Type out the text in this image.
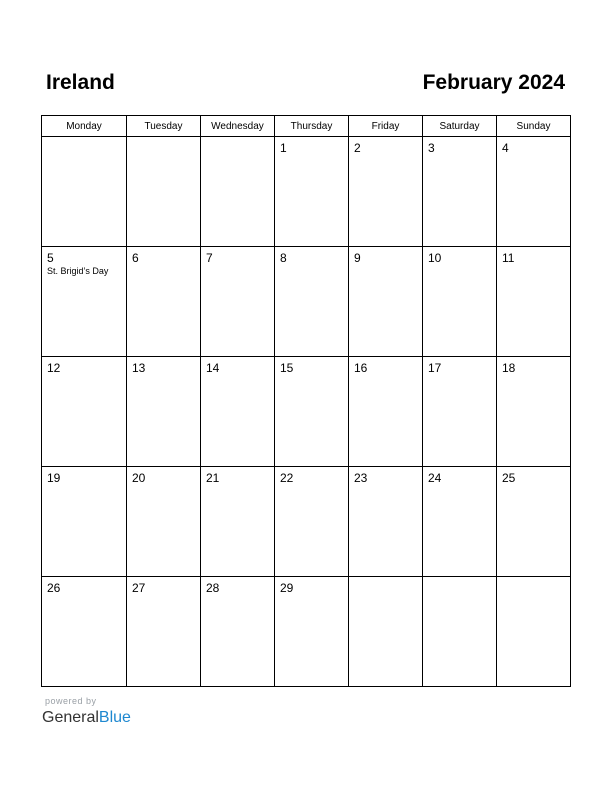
Ireland	February 2024
Monday	Tuesday	Wednesday	Thursday	Friday	Saturday	Sunday

			1	2	3	4

5
St. Brigid’s Day	6	7	8	9	10	11

12	13	14	15	16	17	18

19	20	21	22	23	24	25

26	27	28	29			

powered by
GeneralBlue
